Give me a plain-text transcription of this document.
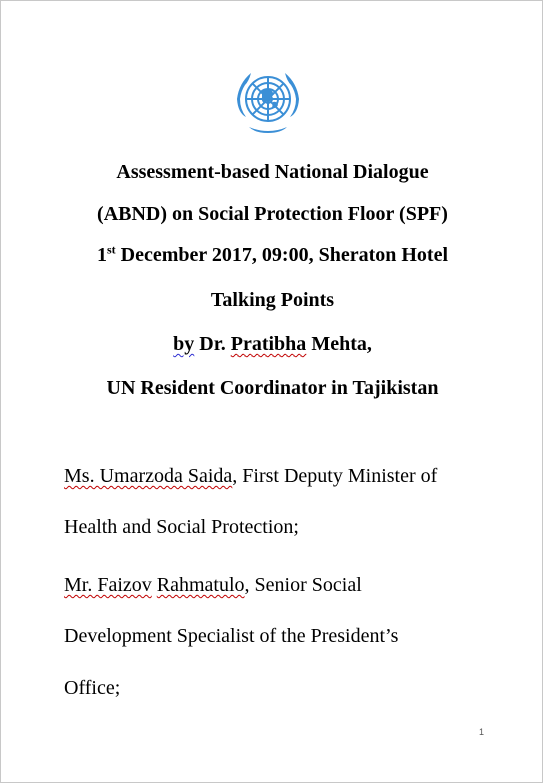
Assessment-based National Dialogue
(ABND) on Social Protection Floor (SPF)
1st December 2017, 09:00, Sheraton Hotel
Talking Points
by Dr. Pratibha Mehta,
UN Resident Coordinator in Tajikistan
Ms. Umarzoda Saida, First Deputy Minister of
Health and Social Protection;
Mr. Faizov Rahmatulo, Senior Social
Development Specialist of the President’s
Office;
1
